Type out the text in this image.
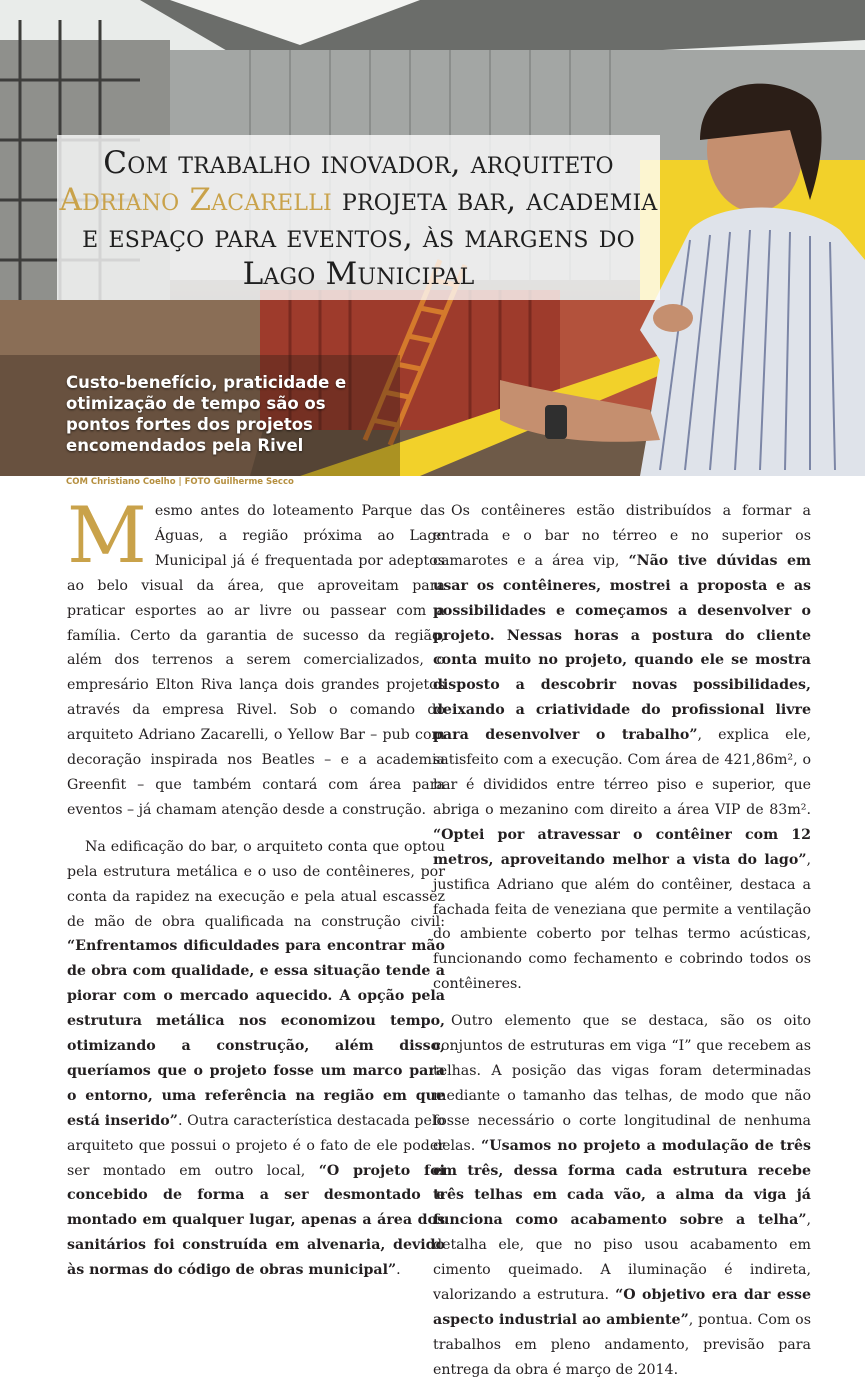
Com trabalho inovador, arquiteto
Adriano Zacarelli projeta bar, academia e espaço para eventos, às margens do Lago Municipal

Custo-benefício, praticidade e otimização de tempo são os pontos fortes dos projetos encomendados pela Rivel

COM Christiano Coelho | FOTO Guilherme Secco

Mesmo antes do loteamento Parque das Águas, a região próxima ao Lago Municipal já é frequentada por adeptos ao belo visual da área, que aproveitam para praticar esportes ao ar livre ou passear com a família. Certo da garantia de sucesso da região, além dos terrenos a serem comercializados, o empresário Elton Riva lança dois grandes projetos através da empresa Rivel. Sob o comando do arquiteto Adriano Zacarelli, o Yellow Bar – pub com decoração inspirada nos Beatles – e a academia Greenfit – que também contará com área para eventos – já chamam atenção desde a construção.

Na edificação do bar, o arquiteto conta que optou pela estrutura metálica e o uso de contêineres, por conta da rapidez na execução e pela atual escassez de mão de obra qualificada na construção civil: “Enfrentamos dificuldades para encontrar mão de obra com qualidade, e essa situação tende a piorar com o mercado aquecido. A opção pela estrutura metálica nos economizou tempo, otimizando a construção, além disso, queríamos que o projeto fosse um marco para o entorno, uma referência na região em que está inserido”. Outra característica destacada pelo arquiteto que possui o projeto é o fato de ele poder ser montado em outro local, “O projeto foi concebido de forma a ser desmontado e montado em qualquer lugar, apenas a área dos sanitários foi construída em alvenaria, devido às normas do código de obras municipal”.

Os contêineres estão distribuídos a formar a entrada e o bar no térreo e no superior os camarotes e a área vip, “Não tive dúvidas em usar os contêineres, mostrei a proposta e as possibilidades e começamos a desenvolver o projeto. Nessas horas a postura do cliente conta muito no projeto, quando ele se mostra disposto a descobrir novas possibilidades, deixando a criatividade do profissional livre para desenvolver o trabalho”, explica ele, satisfeito com a execução. Com área de 421,86m², o bar é divididos entre térreo piso e superior, que abriga o mezanino com direito a área VIP de 83m². “Optei por atravessar o contêiner com 12 metros, aproveitando melhor a vista do lago”, justifica Adriano que além do contêiner, destaca a fachada feita de veneziana que permite a ventilação do ambiente coberto por telhas termo acústicas, funcionando como fechamento e cobrindo todos os contêineres.

Outro elemento que se destaca, são os oito conjuntos de estruturas em viga “I” que recebem as telhas. A posição das vigas foram determinadas mediante o tamanho das telhas, de modo que não fosse necessário o corte longitudinal de nenhuma delas. “Usamos no projeto a modulação de três em três, dessa forma cada estrutura recebe três telhas em cada vão, a alma da viga já funciona como acabamento sobre a telha”, detalha ele, que no piso usou acabamento em cimento queimado. A iluminação é indireta, valorizando a estrutura. “O objetivo era dar esse aspecto industrial ao ambiente”, pontua. Com os trabalhos em pleno andamento, previsão para entrega da obra é março de 2014.
